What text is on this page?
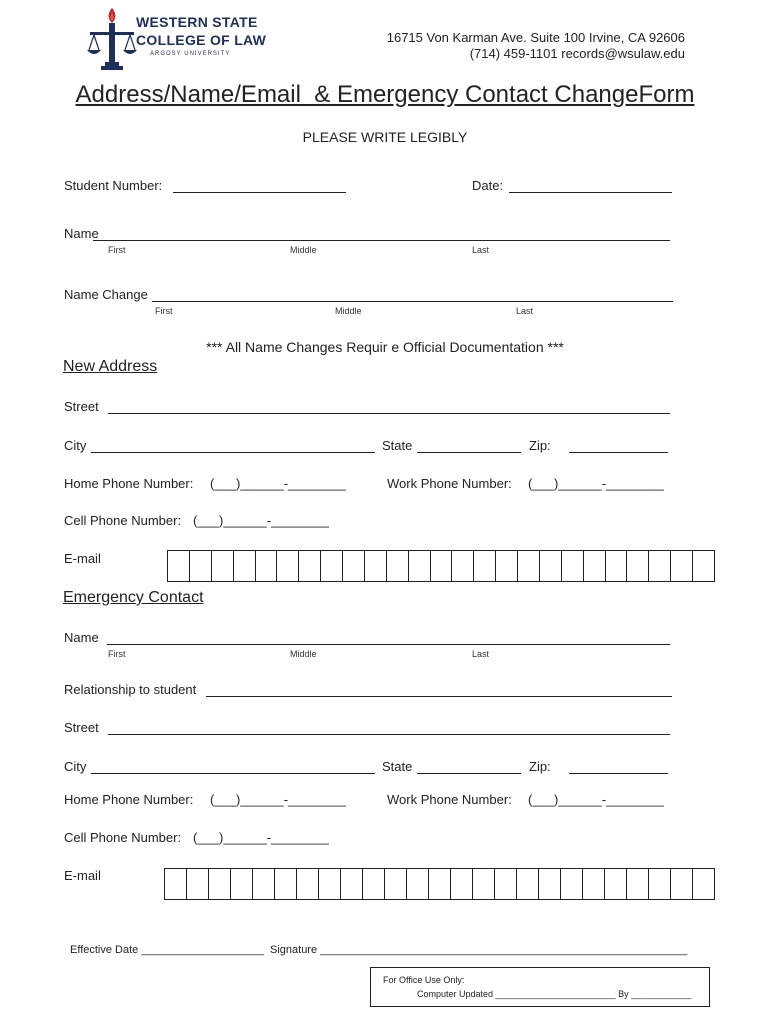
WESTERN STATE
COLLEGE OF LAW
ARGOSY UNIVERSITY
16715 Von Karman Ave. Suite 100 Irvine, CA 92606
(714) 459-1101 records@wsulaw.edu
Address/Name/Email  & Emergency Contact ChangeForm
PLEASE WRITE LEGIBLY
Student Number:	Date:
Name
First	Middle	Last
Name Change
First	Middle	Last
*** All Name Changes Requir e Official Documentation ***
New Address
Street
City	State	Zip:
Home Phone Number: (___)______-________	Work Phone Number: (___)______-________
Cell Phone Number: (___)______-________
E-mail
Emergency Contact
Name
First	Middle	Last
Relationship to student
Street
City	State	Zip:
Home Phone Number: (___)______-________	Work Phone Number: (___)______-________
Cell Phone Number: (___)______-________
E-mail
Effective Date ____________________ Signature ____________________________________________________________
For Office Use Only:
Computer Updated ________________________ By ____________
